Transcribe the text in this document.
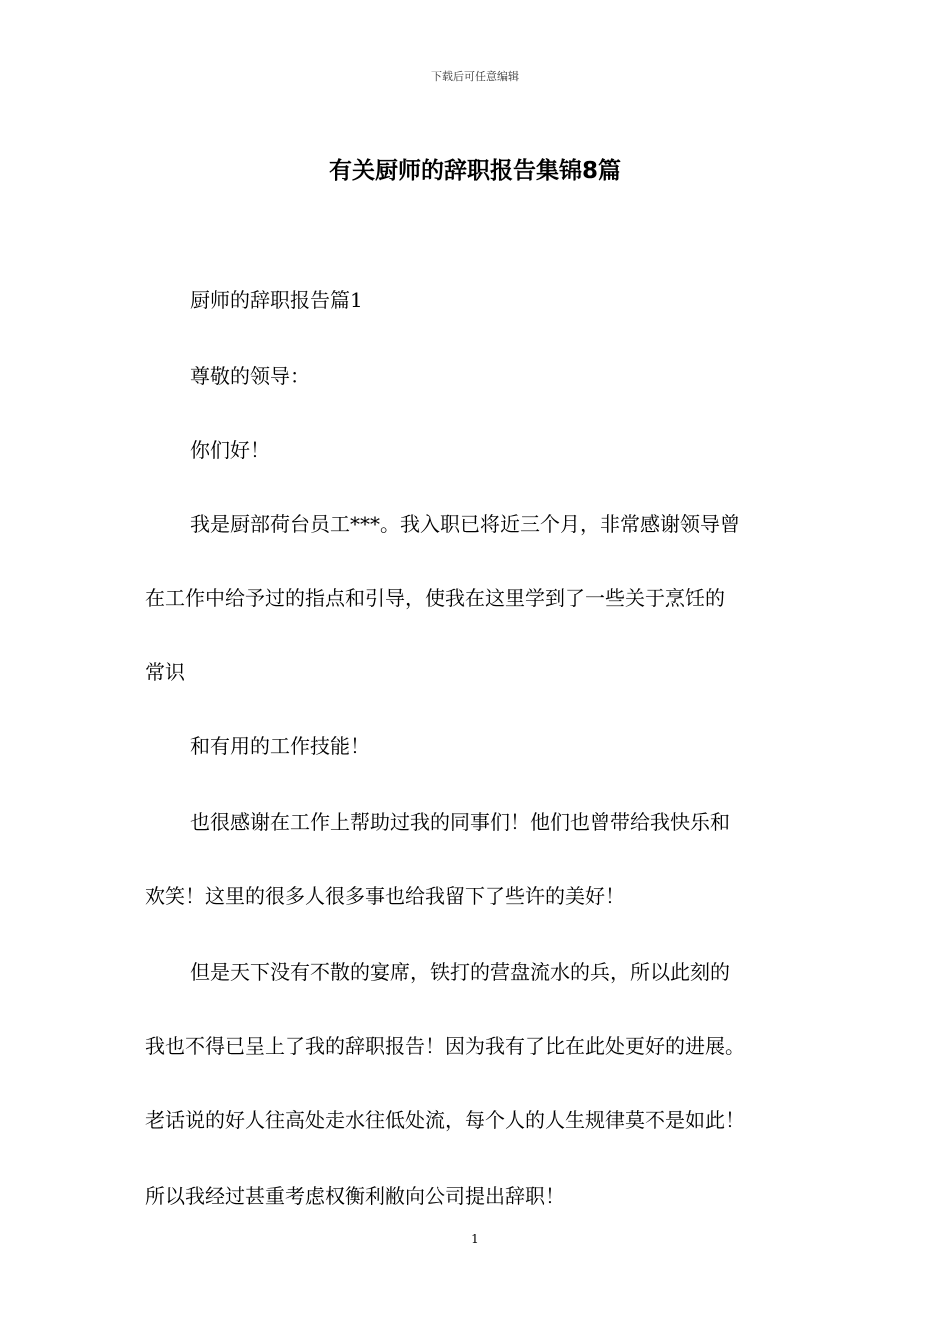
下载后可任意编辑
有关厨师的辞职报告集锦8篇
厨师的辞职报告篇1
尊敬的领导：
你们好！
我是厨部荷台员工***。我入职已将近三个月，非常感谢领导曾
在工作中给予过的指点和引导，使我在这里学到了一些关于烹饪的
常识
和有用的工作技能！
也很感谢在工作上帮助过我的同事们！他们也曾带给我快乐和
欢笑！这里的很多人很多事也给我留下了些许的美好！
但是天下没有不散的宴席，铁打的营盘流水的兵，所以此刻的
我也不得已呈上了我的辞职报告！因为我有了比在此处更好的进展。
老话说的好人往高处走水往低处流，每个人的人生规律莫不是如此！
所以我经过甚重考虑权衡利敝向公司提出辞职！
1
